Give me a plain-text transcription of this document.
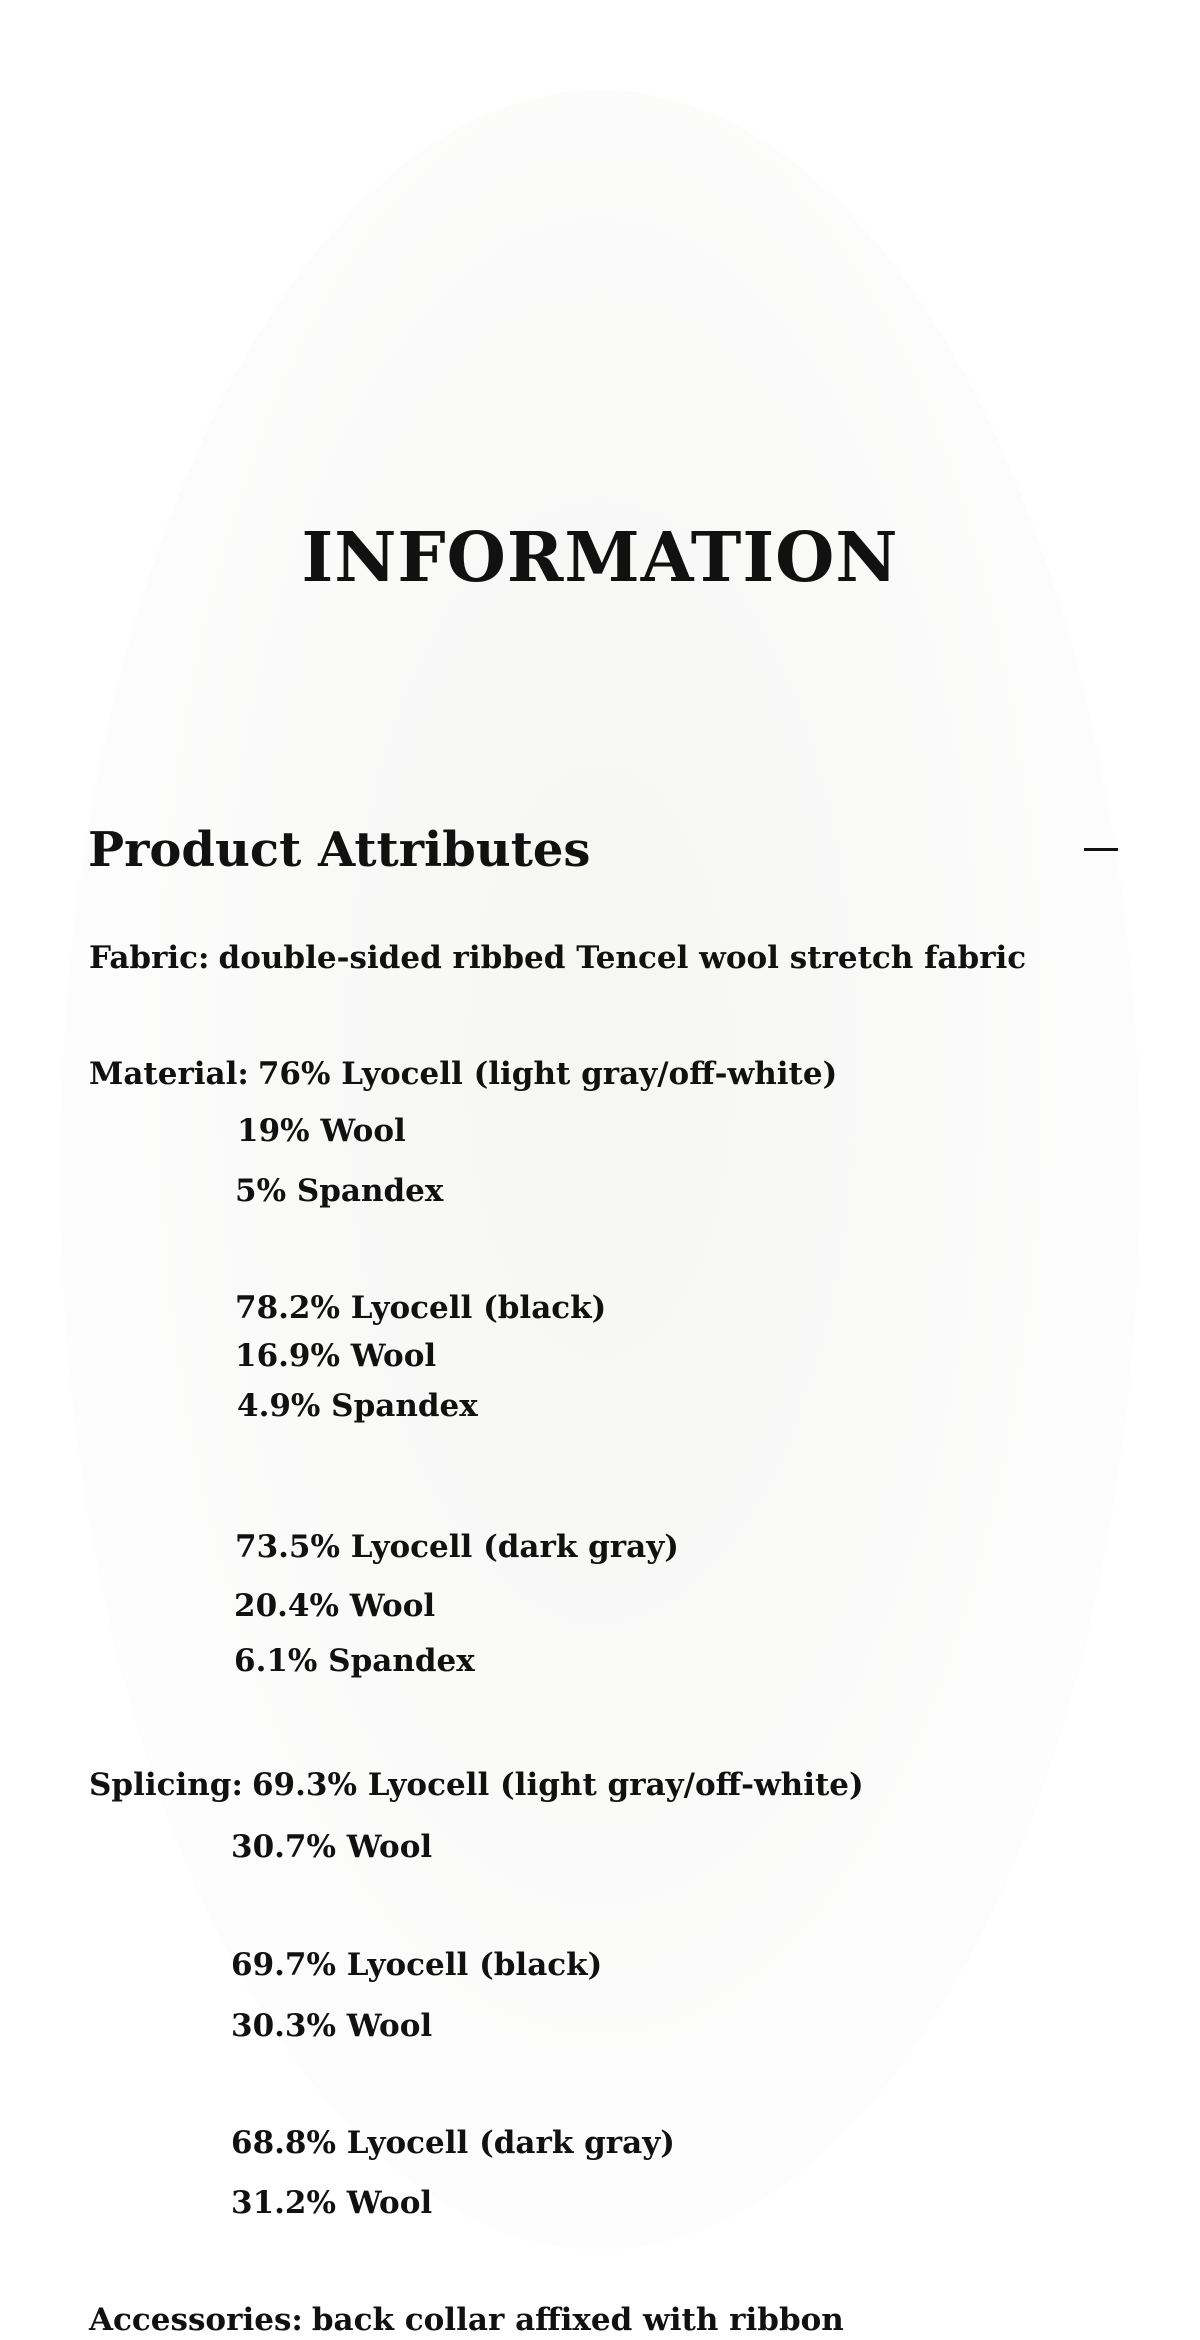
INFORMATION
Product Attributes
Fabric: double-sided ribbed Tencel wool stretch fabric
Material: 76% Lyocell (light gray/off-white)
19% Wool
5% Spandex
78.2% Lyocell (black)
16.9% Wool
4.9% Spandex
73.5% Lyocell (dark gray)
20.4% Wool
6.1% Spandex
Splicing: 69.3% Lyocell (light gray/off-white)
30.7% Wool
69.7% Lyocell (black)
30.3% Wool
68.8% Lyocell (dark gray)
31.2% Wool
Accessories: back collar affixed with ribbon
